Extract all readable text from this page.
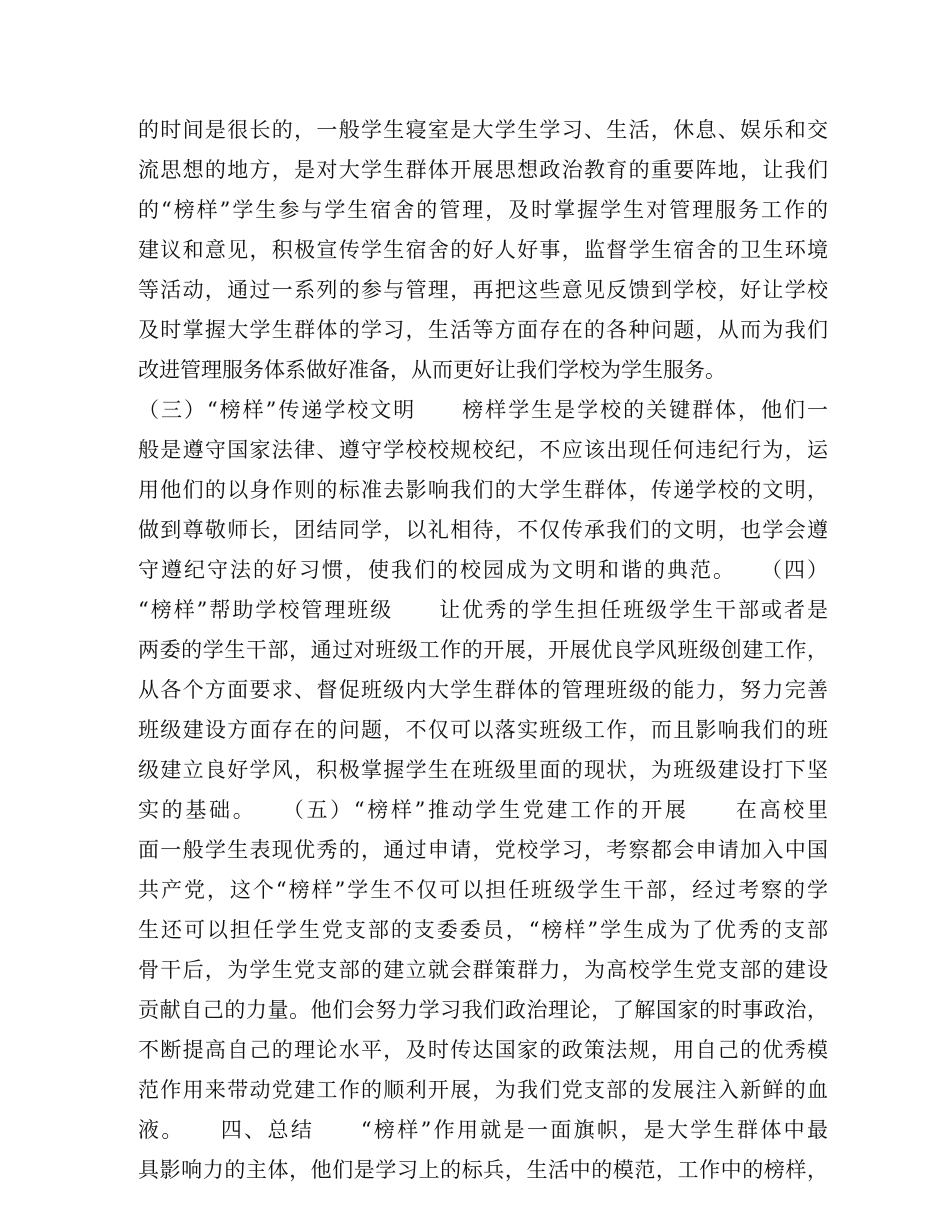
的时间是很长的，一般学生寝室是大学生学习、生活，休息、娱乐和交
流思想的地方，是对大学生群体开展思想政治教育的重要阵地，让我们
的“榜样”学生参与学生宿舍的管理，及时掌握学生对管理服务工作的
建议和意见，积极宣传学生宿舍的好人好事，监督学生宿舍的卫生环境
等活动，通过一系列的参与管理，再把这些意见反馈到学校，好让学校
及时掌握大学生群体的学习，生活等方面存在的各种问题，从而为我们
改进管理服务体系做好准备，从而更好让我们学校为学生服务。
（三）“榜样”传递学校文明　　榜样学生是学校的关键群体，他们一
般是遵守国家法律、遵守学校校规校纪，不应该出现任何违纪行为，运
用他们的以身作则的标准去影响我们的大学生群体，传递学校的文明，
做到尊敬师长，团结同学，以礼相待，不仅传承我们的文明，也学会遵
守遵纪守法的好习惯，使我们的校园成为文明和谐的典范。　　（四）
“榜样”帮助学校管理班级　　让优秀的学生担任班级学生干部或者是
两委的学生干部，通过对班级工作的开展，开展优良学风班级创建工作，
从各个方面要求、督促班级内大学生群体的管理班级的能力，努力完善
班级建设方面存在的问题，不仅可以落实班级工作，而且影响我们的班
级建立良好学风，积极掌握学生在班级里面的现状，为班级建设打下坚
实的基础。　　（五）“榜样”推动学生党建工作的开展　　在高校里
面一般学生表现优秀的，通过申请，党校学习，考察都会申请加入中国
共产党，这个“榜样”学生不仅可以担任班级学生干部，经过考察的学
生还可以担任学生党支部的支委委员，“榜样”学生成为了优秀的支部
骨干后，为学生党支部的建立就会群策群力，为高校学生党支部的建设
贡献自己的力量。他们会努力学习我们政治理论，了解国家的时事政治，
不断提高自己的理论水平，及时传达国家的政策法规，用自己的优秀模
范作用来带动党建工作的顺利开展，为我们党支部的发展注入新鲜的血
液。　　四、总结　　“榜样”作用就是一面旗帜，是大学生群体中最
具影响力的主体，他们是学习上的标兵，生活中的模范，工作中的榜样，
